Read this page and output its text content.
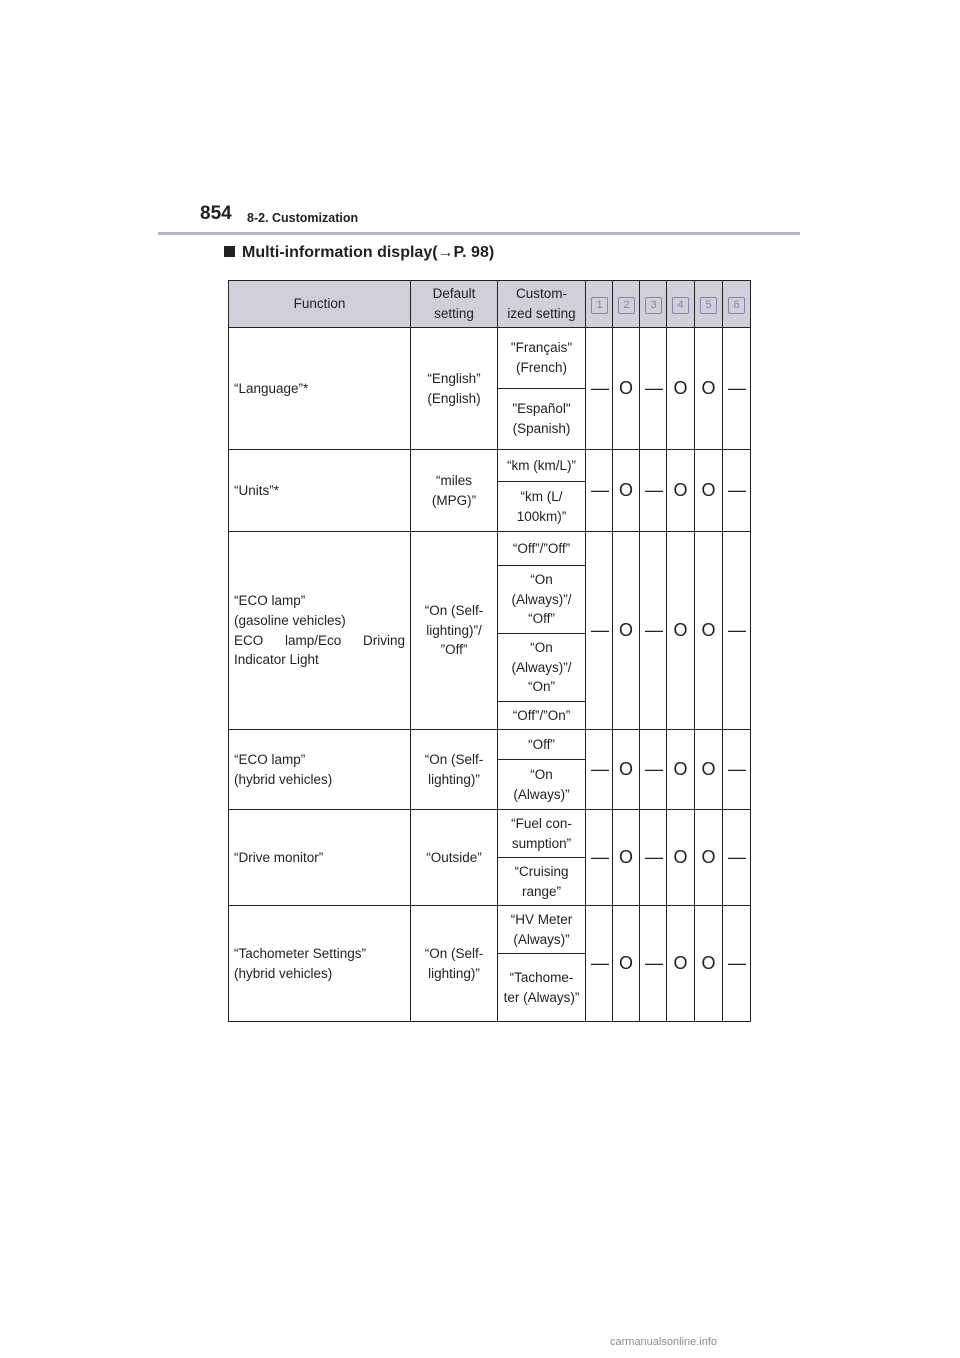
854 8-2. Customization
Multi-information display(→P. 98)
Function	Default setting	Custom- ized setting	1	2	3	4	5	6
“Language”*	“English” (English)	"Français" (French)	—	O	—	O	O	—
		"Español" (Spanish)						
“Units”*	“miles (MPG)”	“km (km/L)”	—	O	—	O	O	—
		“km (L/ 100km)”						

“ECO lamp”
(gasoline vehicles)
ECO lamp/Eco Driving
Indicator Light	“On (Self- lighting)”/ ”Off”	“Off”/”Off”	—	O	—	O	O	—
		“On (Always)”/ “Off”						
		“On (Always)”/ “On”						
		“Off”/”On”						

“ECO lamp”
(hybrid vehicles)	“On (Self- lighting)”	“Off”	—	O	—	O	O	—
		“On (Always)”						
“Drive monitor”	“Outside”	“Fuel con- sumption”	—	O	—	O	O	—
		“Cruising range”						

“Tachometer Settings”
(hybrid vehicles)	“On (Self- lighting)”	“HV Meter (Always)”	—	O	—	O	O	—
		“Tachome- ter (Always)”						
carmanualsonline.info
